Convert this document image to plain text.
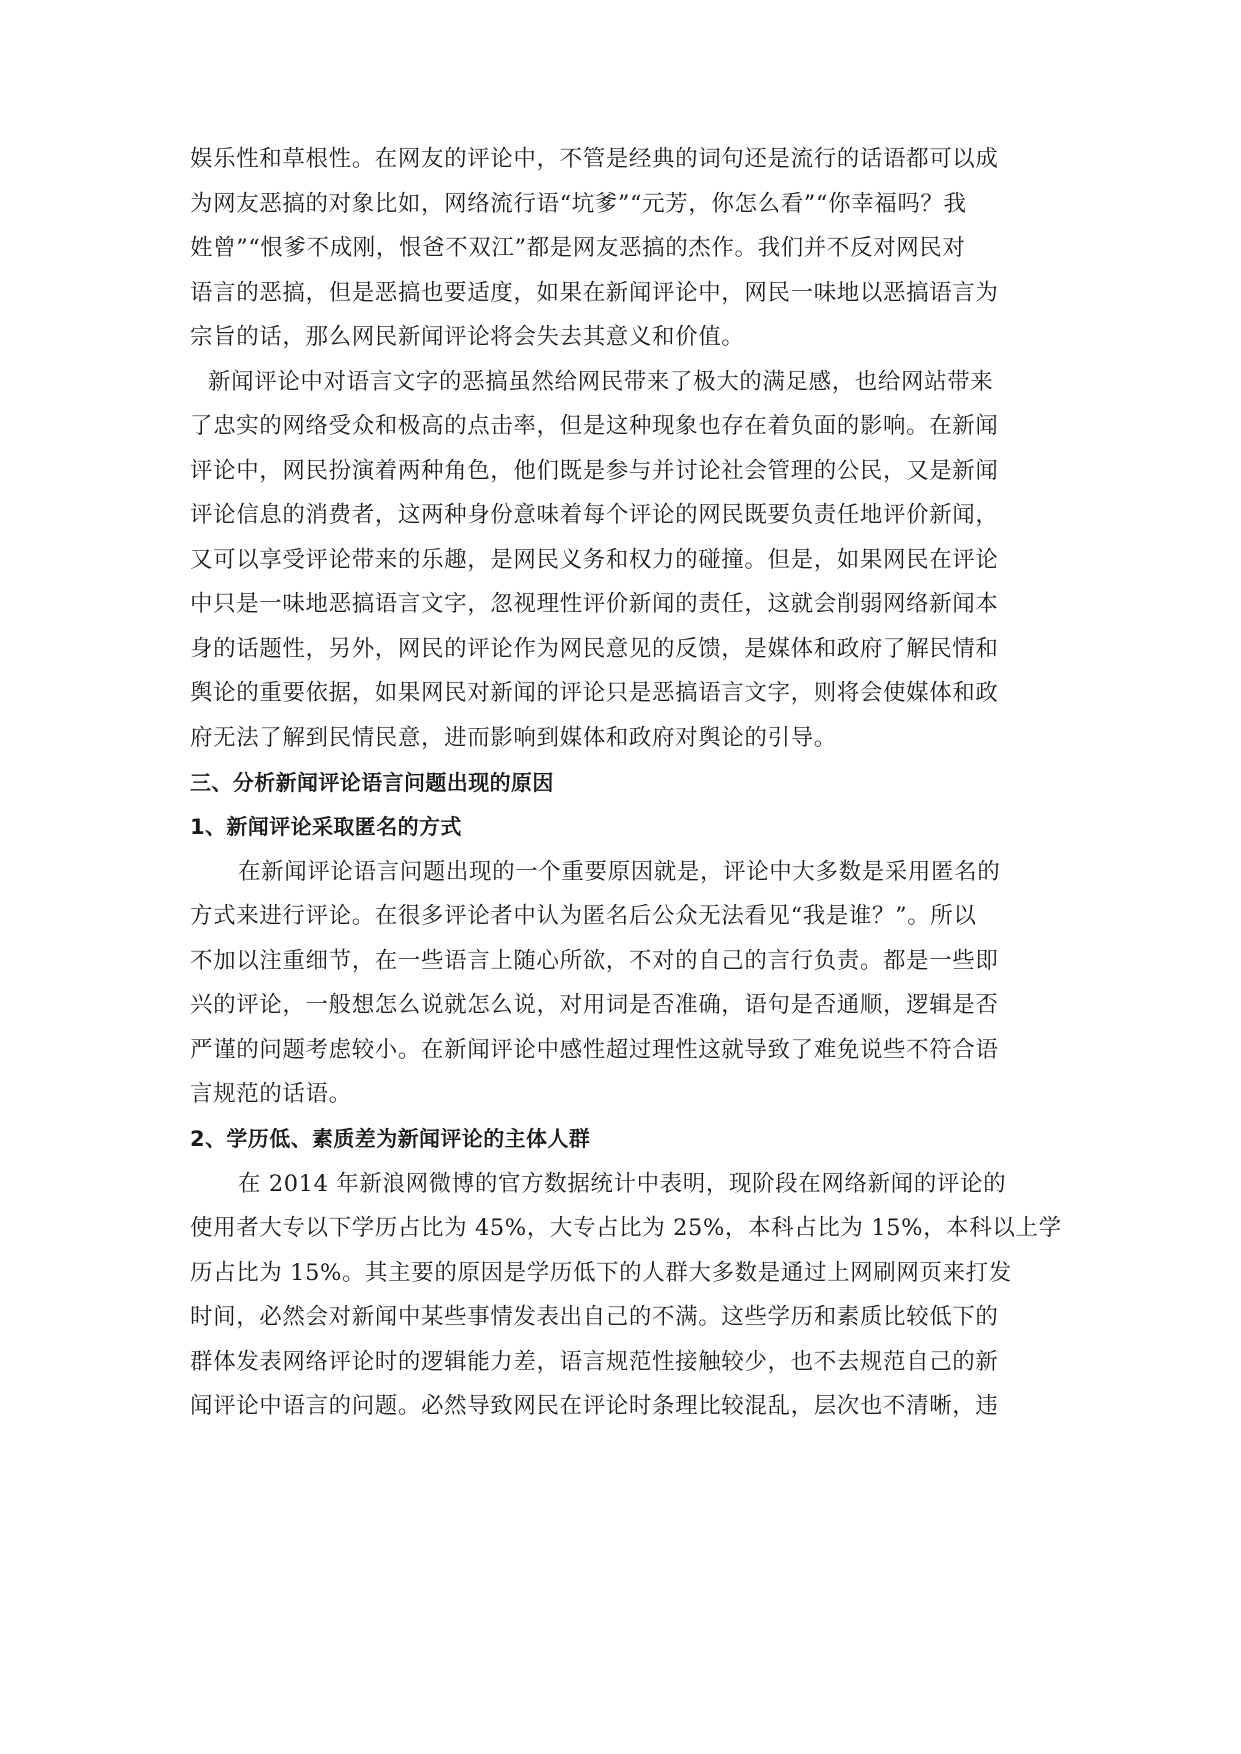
娱乐性和草根性。在网友的评论中，不管是经典的词句还是流行的话语都可以成
为网友恶搞的对象比如，网络流行语“坑爹”“元芳，你怎么看”“你幸福吗？我
姓曾”“恨爹不成刚，恨爸不双江”都是网友恶搞的杰作。我们并不反对网民对
语言的恶搞，但是恶搞也要适度，如果在新闻评论中，网民一味地以恶搞语言为
宗旨的话，那么网民新闻评论将会失去其意义和价值。
新闻评论中对语言文字的恶搞虽然给网民带来了极大的满足感，也给网站带来
了忠实的网络受众和极高的点击率，但是这种现象也存在着负面的影响。在新闻
评论中，网民扮演着两种角色，他们既是参与并讨论社会管理的公民，又是新闻
评论信息的消费者，这两种身份意味着每个评论的网民既要负责任地评价新闻，
又可以享受评论带来的乐趣，是网民义务和权力的碰撞。但是，如果网民在评论
中只是一味地恶搞语言文字，忽视理性评价新闻的责任，这就会削弱网络新闻本
身的话题性，另外，网民的评论作为网民意见的反馈，是媒体和政府了解民情和
舆论的重要依据，如果网民对新闻的评论只是恶搞语言文字，则将会使媒体和政
府无法了解到民情民意，进而影响到媒体和政府对舆论的引导。
三、分析新闻评论语言问题出现的原因
1、新闻评论采取匿名的方式
在新闻评论语言问题出现的一个重要原因就是，评论中大多数是采用匿名的
方式来进行评论。在很多评论者中认为匿名后公众无法看见“我是谁？”。所以
不加以注重细节，在一些语言上随心所欲，不对的自己的言行负责。都是一些即
兴的评论，一般想怎么说就怎么说，对用词是否准确，语句是否通顺，逻辑是否
严谨的问题考虑较小。在新闻评论中感性超过理性这就导致了难免说些不符合语
言规范的话语。
2、学历低、素质差为新闻评论的主体人群
在 2014 年新浪网微博的官方数据统计中表明，现阶段在网络新闻的评论的
使用者大专以下学历占比为 45%，大专占比为 25%，本科占比为 15%，本科以上学
历占比为 15%。其主要的原因是学历低下的人群大多数是通过上网刷网页来打发
时间，必然会对新闻中某些事情发表出自己的不满。这些学历和素质比较低下的
群体发表网络评论时的逻辑能力差，语言规范性接触较少，也不去规范自己的新
闻评论中语言的问题。必然导致网民在评论时条理比较混乱，层次也不清晰，违
